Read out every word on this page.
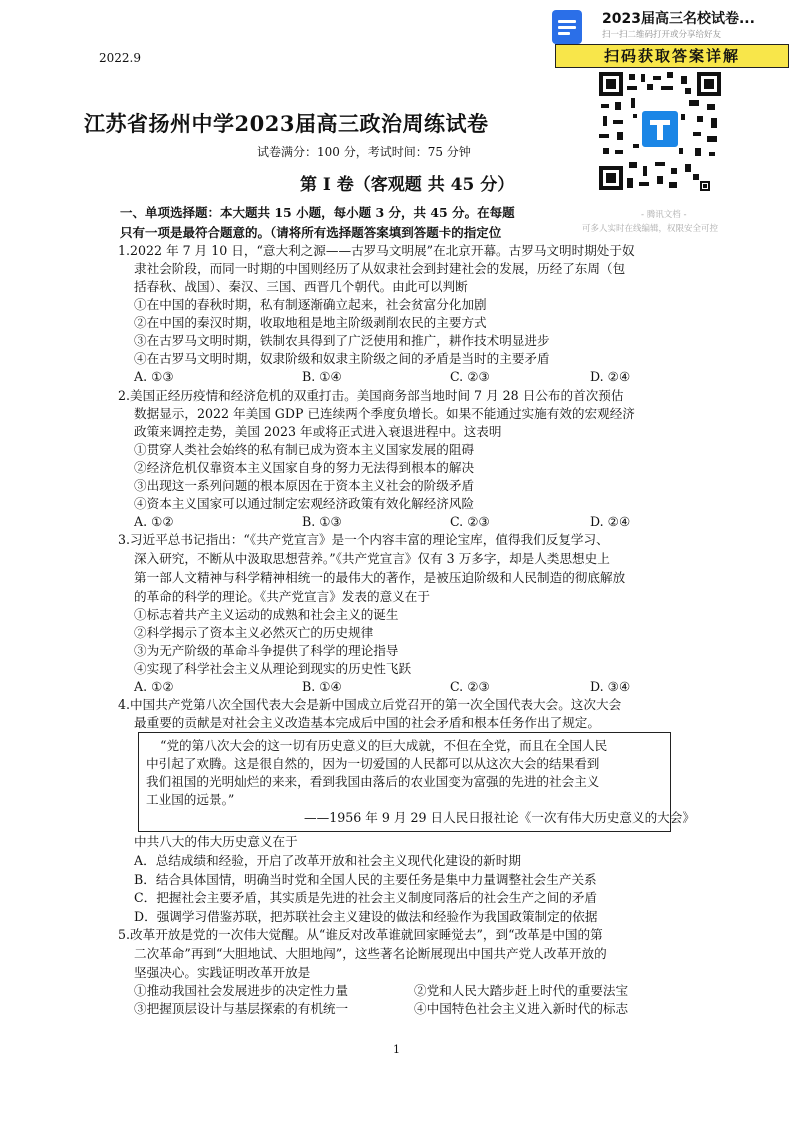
2022.9
江苏省扬州中学2023届高三政治周练试卷
试卷满分：100 分，考试时间：75 分钟
第 Ⅰ 卷（客观题 共 45 分）
一、单项选择题：本大题共 15 小题，每小题 3 分，共 45 分。在每题
只有一项是最符合题意的。（请将所有选择题答案填到答题卡的指定位
2023届高三名校试卷...
扫一扫二维码打开或分享给好友
扫码获取答案详解
- 腾讯文档 -
可多人实时在线编辑，权限安全可控
1.2022 年 7 月 10 日，“意大利之源——古罗马文明展”在北京开幕。古罗马文明时期处于奴
隶社会阶段，而同一时期的中国则经历了从奴隶社会到封建社会的发展，历经了东周（包
括春秋、战国）、秦汉、三国、西晋几个朝代。由此可以判断
①在中国的春秋时期，私有制逐渐确立起来，社会贫富分化加剧
②在中国的秦汉时期，收取地租是地主阶级剥削农民的主要方式
③在古罗马文明时期，铁制农具得到了广泛使用和推广，耕作技术明显进步
④在古罗马文明时期，奴隶阶级和奴隶主阶级之间的矛盾是当时的主要矛盾
A. ①③	B. ①④	C. ②③	D. ②④
2.美国正经历疫情和经济危机的双重打击。美国商务部当地时间 7 月 28 日公布的首次预估
数据显示，2022 年美国 GDP 已连续两个季度负增长。如果不能通过实施有效的宏观经济
政策来调控走势，美国 2023 年或将正式进入衰退进程中。这表明
①贯穿人类社会始终的私有制已成为资本主义国家发展的阻碍
②经济危机仅靠资本主义国家自身的努力无法得到根本的解决
③出现这一系列问题的根本原因在于资本主义社会的阶级矛盾
④资本主义国家可以通过制定宏观经济政策有效化解经济风险
A. ①②	B. ①③	C. ②③	D. ②④
3.习近平总书记指出：“《共产党宣言》是一个内容丰富的理论宝库，值得我们反复学习、
深入研究，不断从中汲取思想营养。”《共产党宣言》仅有 3 万多字，却是人类思想史上
第一部人文精神与科学精神相统一的最伟大的著作，是被压迫阶级和人民制造的彻底解放
的革命的科学的理论。《共产党宣言》发表的意义在于
①标志着共产主义运动的成熟和社会主义的诞生
②科学揭示了资本主义必然灭亡的历史规律
③为无产阶级的革命斗争提供了科学的理论指导
④实现了科学社会主义从理论到现实的历史性飞跃
A. ①②	B. ①④	C. ②③	D. ③④
4.中国共产党第八次全国代表大会是新中国成立后党召开的第一次全国代表大会。这次大会
最重要的贡献是对社会主义改造基本完成后中国的社会矛盾和根本任务作出了规定。
“党的第八次大会的这一切有历史意义的巨大成就，不但在全党，而且在全国人民
中引起了欢腾。这是很自然的，因为一切爱国的人民都可以从这次大会的结果看到
我们祖国的光明灿烂的来来，看到我国由落后的农业国变为富强的先进的社会主义
工业国的远景。”
——1956 年 9 月 29 日人民日报社论《一次有伟大历史意义的大会》
中共八大的伟大历史意义在于
A．总结成绩和经验，开启了改革开放和社会主义现代化建设的新时期
B．结合具体国情，明确当时党和全国人民的主要任务是集中力量调整社会生产关系
C．把握社会主要矛盾，其实质是先进的社会主义制度同落后的社会生产之间的矛盾
D．强调学习借鉴苏联，把苏联社会主义建设的做法和经验作为我国政策制定的依据
5.改革开放是党的一次伟大觉醒。从“谁反对改革谁就回家睡觉去”，到“改革是中国的第
二次革命”再到“大胆地试、大胆地闯”，这些著名论断展现出中国共产党人改革开放的
坚强决心。实践证明改革开放是
①推动我国社会发展进步的决定性力量	②党和人民大踏步赶上时代的重要法宝
③把握顶层设计与基层探索的有机统一	④中国特色社会主义进入新时代的标志
1
